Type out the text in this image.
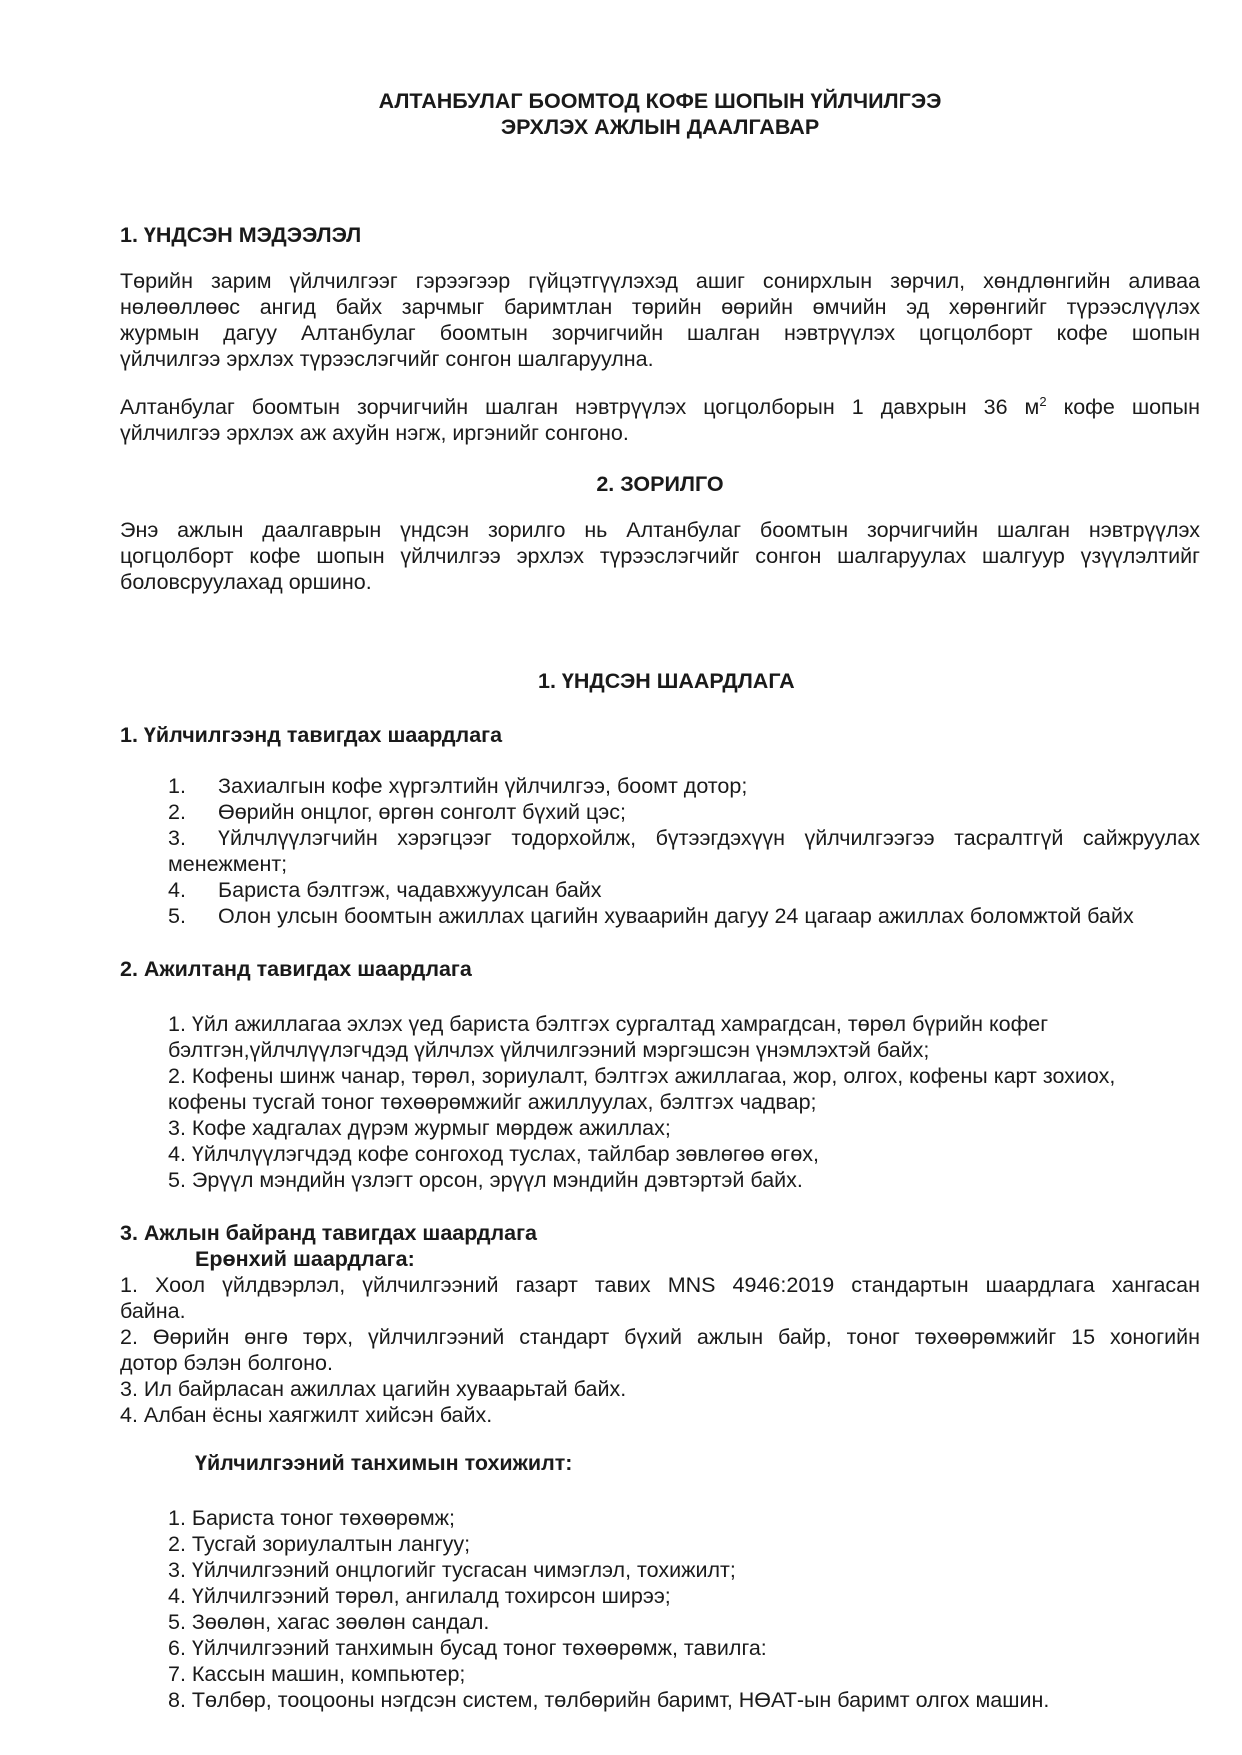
АЛТАНБУЛАГ БООМТОД КОФЕ ШОПЫН ҮЙЛЧИЛГЭЭ
ЭРХЛЭХ АЖЛЫН ДААЛГАВАР
1. ҮНДСЭН МЭДЭЭЛЭЛ
Төрийн зарим үйлчилгээг гэрээгээр гүйцэтгүүлэхэд ашиг сонирхлын зөрчил, хөндлөнгийн аливаа
нөлөөллөөс ангид байх зарчмыг баримтлан төрийн өөрийн өмчийн эд хөрөнгийг түрээслүүлэх
журмын дагуу Алтанбулаг боомтын зорчигчийн шалган нэвтрүүлэх цогцолборт кофе шопын
үйлчилгээ эрхлэх түрээслэгчийг сонгон шалгаруулна.
Алтанбулаг боомтын зорчигчийн шалган нэвтрүүлэх цогцолборын 1 давхрын 36 $м^2$ кофе шопын
үйлчилгээ эрхлэх аж ахуйн нэгж, иргэнийг сонгоно.
2. ЗОРИЛГО
Энэ ажлын даалгаврын үндсэн зорилго нь Алтанбулаг боомтын зорчигчийн шалган нэвтрүүлэх
цогцолборт кофе шопын үйлчилгээ эрхлэх түрээслэгчийг сонгон шалгаруулах шалгуур үзүүлэлтийг
боловсруулахад оршино.
1. ҮНДСЭН ШААРДЛАГА
1. Үйлчилгээнд тавигдах шаардлага
1. Захиалгын кофе хүргэлтийн үйлчилгээ, боомт дотор;
2. Өөрийн онцлог, өргөн сонголт бүхий цэс;
3. Үйлчлүүлэгчийн хэрэгцээг тодорхойлж, бүтээгдэхүүн үйлчилгээгээ тасралтгүй сайжруулах
менежмент;
4. Бариста бэлтгэж, чадавхжуулсан байх
5. Олон улсын боомтын ажиллах цагийн хуваарийн дагуу 24 цагаар ажиллах боломжтой байх
2. Ажилтанд тавигдах шаардлага
1. Үйл ажиллагаа эхлэх үед бариста бэлтгэх сургалтад хамрагдсан, төрөл бүрийн кофег
бэлтгэн,үйлчлүүлэгчдэд үйлчлэх үйлчилгээний мэргэшсэн үнэмлэхтэй байх;
2. Кофены шинж чанар, төрөл, зориулалт, бэлтгэх ажиллагаа, жор, олгох, кофены карт зохиох,
кофены тусгай тоног төхөөрөмжийг ажиллуулах, бэлтгэх чадвар;
3. Кофе хадгалах дүрэм журмыг мөрдөж ажиллах;
4. Үйлчлүүлэгчдэд кофе сонгоход туслах, тайлбар зөвлөгөө өгөх,
5. Эрүүл мэндийн үзлэгт орсон, эрүүл мэндийн дэвтэртэй байх.
3. Ажлын байранд тавигдах шаардлага
Ерөнхий шаардлага:
1. Хоол үйлдвэрлэл, үйлчилгээний газарт тавих MNS 4946:2019 стандартын шаардлага хангасан
байна.
2. Өөрийн өнгө төрх, үйлчилгээний стандарт бүхий ажлын байр, тоног төхөөрөмжийг 15 хоногийн
дотор бэлэн болгоно.
3. Ил байрласан ажиллах цагийн хуваарьтай байх.
4. Албан ёсны хаягжилт хийсэн байх.
Үйлчилгээний танхимын тохижилт:
1. Бариста тоног төхөөрөмж;
2. Тусгай зориулалтын лангуу;
3. Үйлчилгээний онцлогийг тусгасан чимэглэл, тохижилт;
4. Үйлчилгээний төрөл, ангилалд тохирсон ширээ;
5. Зөөлөн, хагас зөөлөн сандал.
6. Үйлчилгээний танхимын бусад тоног төхөөрөмж, тавилга:
7. Кассын машин, компьютер;
8. Төлбөр, тооцооны нэгдсэн систем, төлбөрийн баримт, НӨАТ-ын баримт олгох машин.
